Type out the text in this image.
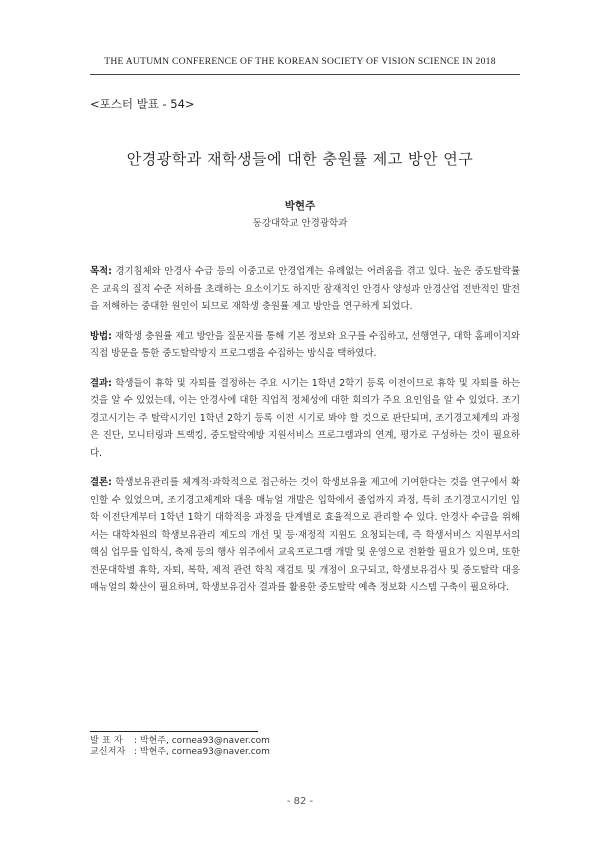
THE AUTUMN CONFERENCE OF THE KOREAN SOCIETY OF VISION SCIENCE IN 2018
<포스터 발표 - 54>
안경광학과 재학생들에 대한 충원률 제고 방안 연구
박현주
동강대학교 안경광학과

목적: 경기침체와 안경사 수급 등의 이중고로 안경업계는 유례없는 어려움을 겪고 있다. 높은 중도탈락률은 교육의 질적 수준 저하를 초래하는 요소이기도 하지만 잠재적인 안경사 양성과 안경산업 전반적인 발전을 저해하는 중대한 원인이 되므로 재학생 충원률 제고 방안을 연구하게 되었다.

방법: 재학생 충원률 제고 방안을 질문지를 통해 기본 정보와 요구를 수집하고, 선행연구, 대학 홈페이지와 직접 방문을 통한 중도탈락방지 프로그램을 수집하는 방식을 택하였다.

결과: 학생들이 휴학 및 자퇴를 결정하는 주요 시기는 1학년 2학기 등록 이전이므로 휴학 및 자퇴를 하는 것을 알 수 있었는데, 이는 안경사에 대한 직업적 정체성에 대한 회의가 주요 요인임을 알 수 있었다. 조기경고시기는 주 탈락시기인 1학년 2학기 등록 이전 시기로 봐야 할 것으로 판단되며, 조기경고체계의 과정은 진단, 모니터링과 트랙킹, 중도탈락예방 지원서비스 프로그램과의 연계, 평가로 구성하는 것이 필요하다.

결론: 학생보유관리를 체계적·과학적으로 접근하는 것이 학생보유율 제고에 기여한다는 것을 연구에서 확인할 수 있었으며, 조기경고체계와 대응 매뉴얼 개발은 입학에서 졸업까지 과정, 특히 조기경고시기인 입학 이전단계부터 1학년 1학기 대학적응 과정을 단계별로 효율적으로 관리할 수 있다. 안경사 수급을 위해서는 대학차원의 학생보유관리 제도의 개선 및 등·재정적 지원도 요청되는데, 즉 학생서비스 지원부서의 핵심 업무를 입학식, 축제 등의 행사 위주에서 교육프로그램 개발 및 운영으로 전환할 필요가 있으며, 또한 전문대학별 휴학, 자퇴, 복학, 제적 관련 학칙 재검토 및 개정이 요구되고, 학생보유검사 및 중도탈락 대응 매뉴얼의 확산이 필요하며, 학생보유검사 결과를 활용한 중도탈락 예측 정보화 시스템 구축이 필요하다.

발 표 자 : 박현주, cornea93@naver.com
교신저자 : 박현주, cornea93@naver.com
- 82 -
